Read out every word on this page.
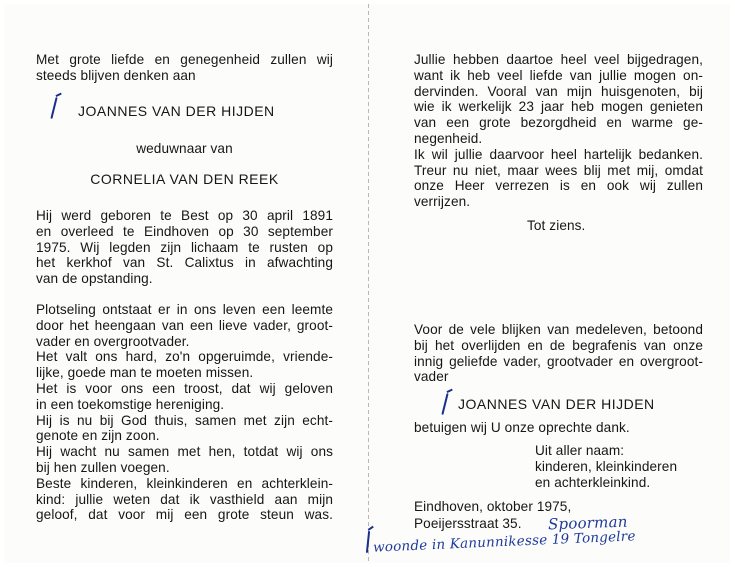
Met grote liefde en genegenheid zullen wij

steeds blijven denken aan

JOANNES VAN DER HIJDEN
weduwnaar van
CORNELIA VAN DEN REEK

Hij werd geboren te Best op 30 april 1891

en overleed te Eindhoven op 30 september

1975. Wij legden zijn lichaam te rusten op

het kerkhof van St. Calixtus in afwachting

van de opstanding.

Plotseling ontstaat er in ons leven een leemte

door het heengaan van een lieve vader, groot-

vader en overgrootvader.

Het valt ons hard, zo'n opgeruimde, vriende-

lijke, goede man te moeten missen.

Het is voor ons een troost, dat wij geloven

in een toekomstige hereniging.

Hij is nu bij God thuis, samen met zijn echt-

genote en zijn zoon.

Hij wacht nu samen met hen, totdat wij ons

bij hen zullen voegen.

Beste kinderen, kleinkinderen en achterklein-

kind: jullie weten dat ik vasthield aan mijn

geloof, dat voor mij een grote steun was.

Jullie hebben daartoe heel veel bijgedragen,

want ik heb veel liefde van jullie mogen on-

dervinden. Vooral van mijn huisgenoten, bij

wie ik werkelijk 23 jaar heb mogen genieten

van een grote bezorgdheid en warme ge-

negenheid.

Ik wil jullie daarvoor heel hartelijk bedanken.

Treur nu niet, maar wees blij met mij, omdat

onze Heer verrezen is en ook wij zullen

verrijzen.

Tot ziens.

Voor de vele blijken van medeleven, betoond

bij het overlijden en de begrafenis van onze

innig geliefde vader, grootvader en overgroot-

vader

JOANNES VAN DER HIJDEN
betuigen wij U onze oprechte dank.

Uit aller naam:

kinderen, kleinkinderen

en achterkleinkind.

Eindhoven, oktober 1975,
Poeijersstraat 35.	Spoorman
woonde in Kanunnikesse 19 Tongelre
